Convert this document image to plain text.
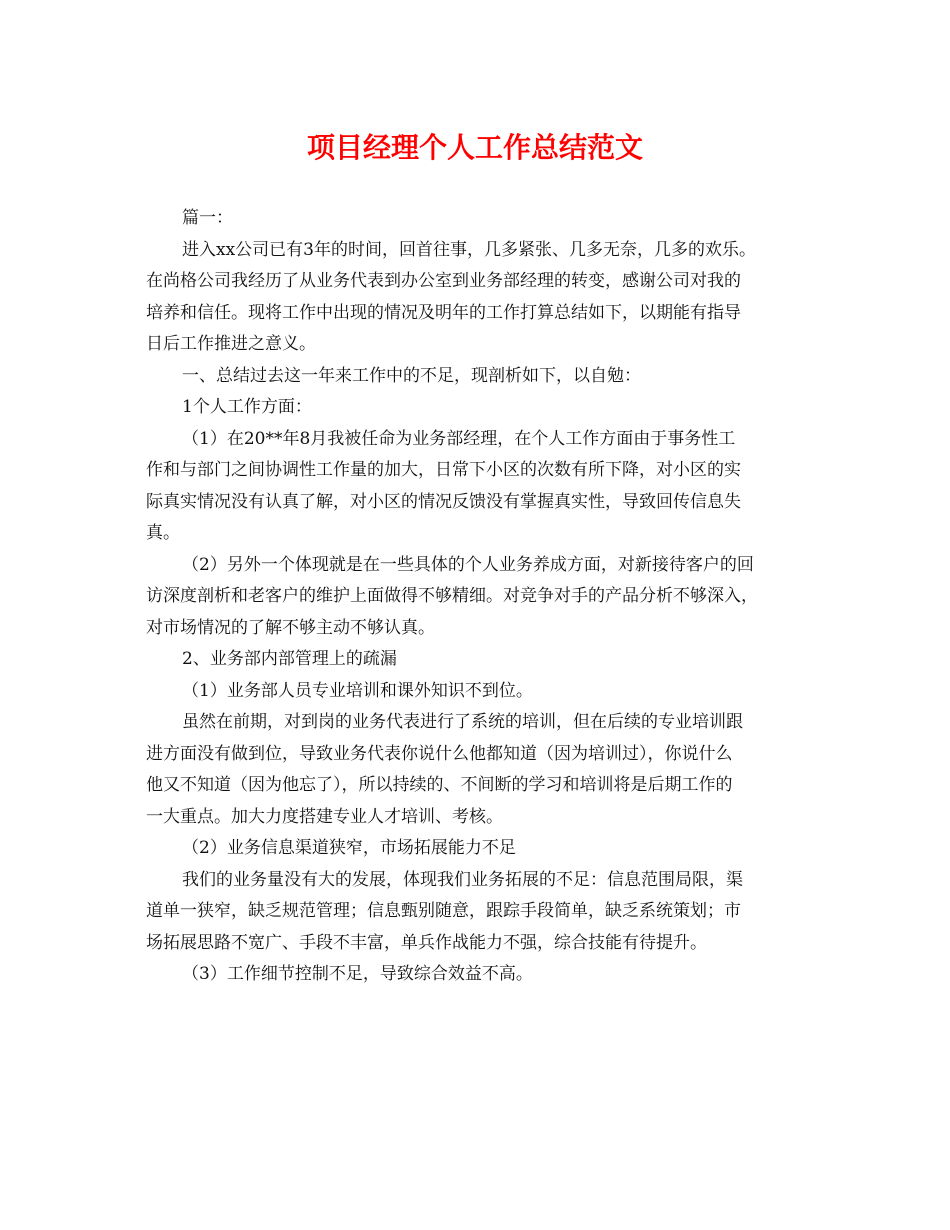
项目经理个人工作总结范文
篇一：
进入xx公司已有3年的时间，回首往事，几多紧张、几多无奈，几多的欢乐。
在尚格公司我经历了从业务代表到办公室到业务部经理的转变，感谢公司对我的
培养和信任。现将工作中出现的情况及明年的工作打算总结如下，以期能有指导
日后工作推进之意义。
一、总结过去这一年来工作中的不足，现剖析如下，以自勉：
1个人工作方面：
（1）在20**年8月我被任命为业务部经理，在个人工作方面由于事务性工
作和与部门之间协调性工作量的加大，日常下小区的次数有所下降，对小区的实
际真实情况没有认真了解，对小区的情况反馈没有掌握真实性，导致回传信息失
真。
（2）另外一个体现就是在一些具体的个人业务养成方面，对新接待客户的回
访深度剖析和老客户的维护上面做得不够精细。对竞争对手的产品分析不够深入，
对市场情况的了解不够主动不够认真。
2、业务部内部管理上的疏漏
（1）业务部人员专业培训和课外知识不到位。
虽然在前期，对到岗的业务代表进行了系统的培训，但在后续的专业培训跟
进方面没有做到位，导致业务代表你说什么他都知道（因为培训过），你说什么
他又不知道（因为他忘了），所以持续的、不间断的学习和培训将是后期工作的
一大重点。加大力度搭建专业人才培训、考核。
（2）业务信息渠道狭窄，市场拓展能力不足
我们的业务量没有大的发展，体现我们业务拓展的不足：信息范围局限，渠
道单一狭窄，缺乏规范管理；信息甄别随意，跟踪手段简单，缺乏系统策划；市
场拓展思路不宽广、手段不丰富，单兵作战能力不强，综合技能有待提升。
（3）工作细节控制不足，导致综合效益不高。
